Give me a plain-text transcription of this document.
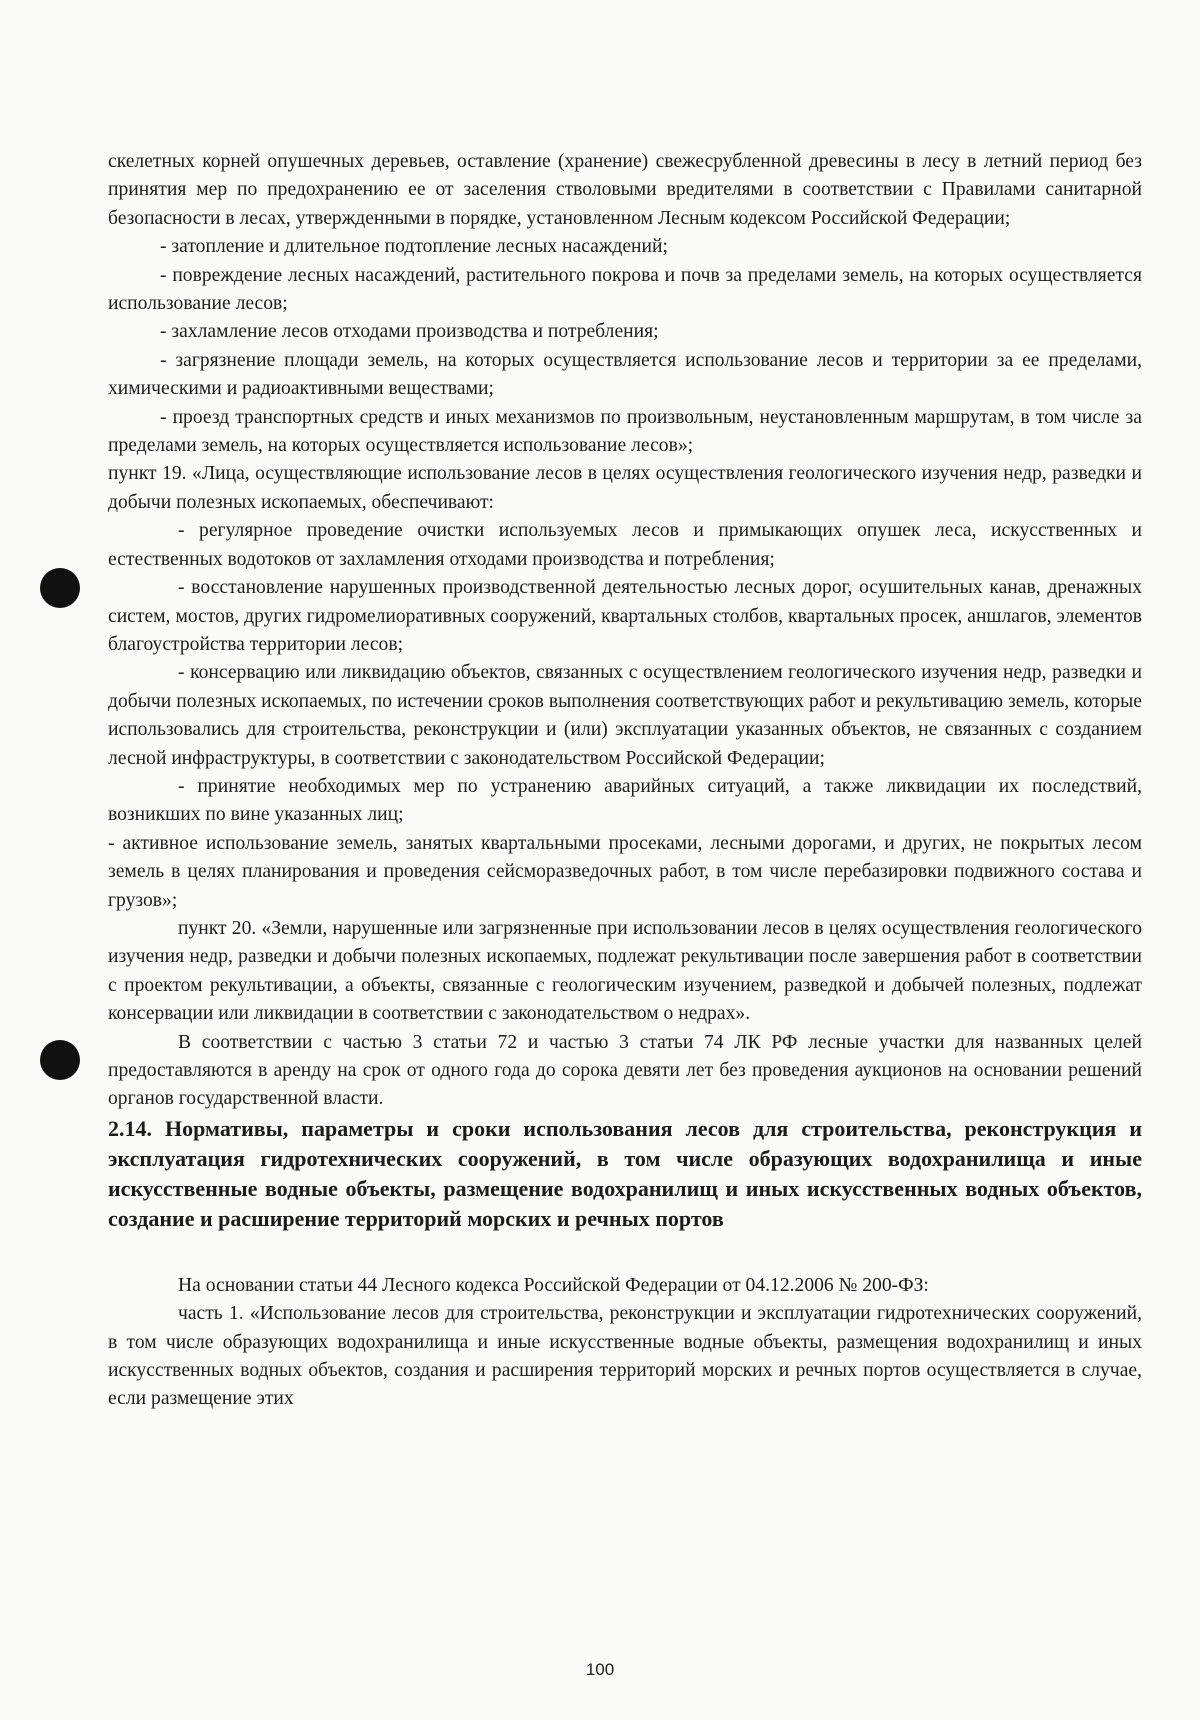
скелетных корней опушечных деревьев, оставление (хранение) свежесрубленной древесины в лесу в летний период без принятия мер по предохранению ее от заселения стволовыми вредителями в соответствии с Правилами санитарной безопасности в лесах, утвержденными в порядке, установленном Лесным кодексом Российской Федерации;

- затопление и длительное подтопление лесных насаждений;

- повреждение лесных насаждений, растительного покрова и почв за пределами земель, на которых осуществляется использование лесов;

- захламление лесов отходами производства и потребления;

- загрязнение площади земель, на которых осуществляется использование лесов и территории за ее пределами, химическими и радиоактивными веществами;

- проезд транспортных средств и иных механизмов по произвольным, неустановленным маршрутам, в том числе за пределами земель, на которых осуществляется использование лесов»;

пункт 19. «Лица, осуществляющие использование лесов в целях осуществления геологического изучения недр, разведки и добычи полезных ископаемых, обеспечивают:

- регулярное проведение очистки используемых лесов и примыкающих опушек леса, искусственных и естественных водотоков от захламления отходами производства и потребления;

- восстановление нарушенных производственной деятельностью лесных дорог, осушительных канав, дренажных систем, мостов, других гидромелиоративных сооружений, квартальных столбов, квартальных просек, аншлагов, элементов благоустройства территории лесов;

- консервацию или ликвидацию объектов, связанных с осуществлением геологического изучения недр, разведки и добычи полезных ископаемых, по истечении сроков выполнения соответствующих работ и рекультивацию земель, которые использовались для строительства, реконструкции и (или) эксплуатации указанных объектов, не связанных с созданием лесной инфраструктуры, в соответствии с законодательством Российской Федерации;

- принятие необходимых мер по устранению аварийных ситуаций, а также ликвидации их последствий, возникших по вине указанных лиц;

- активное использование земель, занятых квартальными просеками, лесными дорогами, и других, не покрытых лесом земель в целях планирования и проведения сейсморазведочных работ, в том числе перебазировки подвижного состава и грузов»;

пункт 20. «Земли, нарушенные или загрязненные при использовании лесов в целях осуществления геологического изучения недр, разведки и добычи полезных ископаемых, подлежат рекультивации после завершения работ в соответствии с проектом рекультивации, а объекты, связанные с геологическим изучением, разведкой и добычей полезных, подлежат консервации или ликвидации в соответствии с законодательством о недрах».

В соответствии с частью 3 статьи 72 и частью 3 статьи 74 ЛК РФ лесные участки для названных целей предоставляются в аренду на срок от одного года до сорока девяти лет без проведения аукционов на основании решений органов государственной власти.

2.14. Нормативы, параметры и сроки использования лесов для строительства, реконструкция и эксплуатация гидротехнических сооружений, в том числе образующих водохранилища и иные искусственные водные объекты, размещение водохранилищ и иных искусственных водных объектов, создание и расширение территорий морских и речных портов

На основании статьи 44 Лесного кодекса Российской Федерации от 04.12.2006 № 200-ФЗ:

часть 1. «Использование лесов для строительства, реконструкции и эксплуатации гидротехнических сооружений, в том числе образующих водохранилища и иные искусственные водные объекты, размещения водохранилищ и иных искусственных водных объектов, создания и расширения территорий морских и речных портов осуществляется в случае, если размещение этих

100
